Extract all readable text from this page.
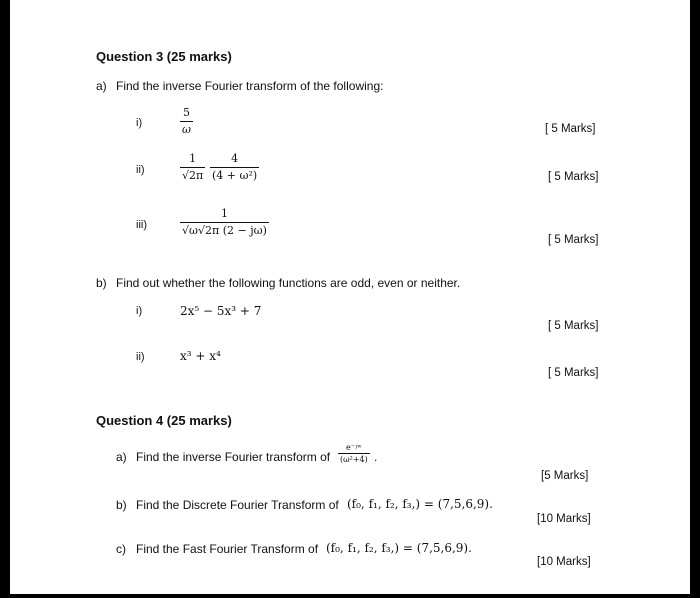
Question 3 (25 marks)
a) Find the inverse Fourier transform of the following:
i)
5
ω	[ 5 Marks]
ii)
1
√2π
4
(4 + ω²)	[ 5 Marks]
iii)
1
√ω√2π (2 − jω)
[ 5 Marks]
b) Find out whether the following functions are odd, even or neither.
i)	2x⁵ − 5x³ + 7
[ 5 Marks]
ii)	x³ + x⁴
[ 5 Marks]
Question 4 (25 marks)
a) Find the inverse Fourier transform of
e⁻ʲʷ
(ω²+4) .
[5 Marks]
b) Find the Discrete Fourier Transform of (f₀, f₁, f₂, f₃,) = (7,5,6,9).
[10 Marks]
c) Find the Fast Fourier Transform of (f₀, f₁, f₂, f₃,) = (7,5,6,9).
[10 Marks]
